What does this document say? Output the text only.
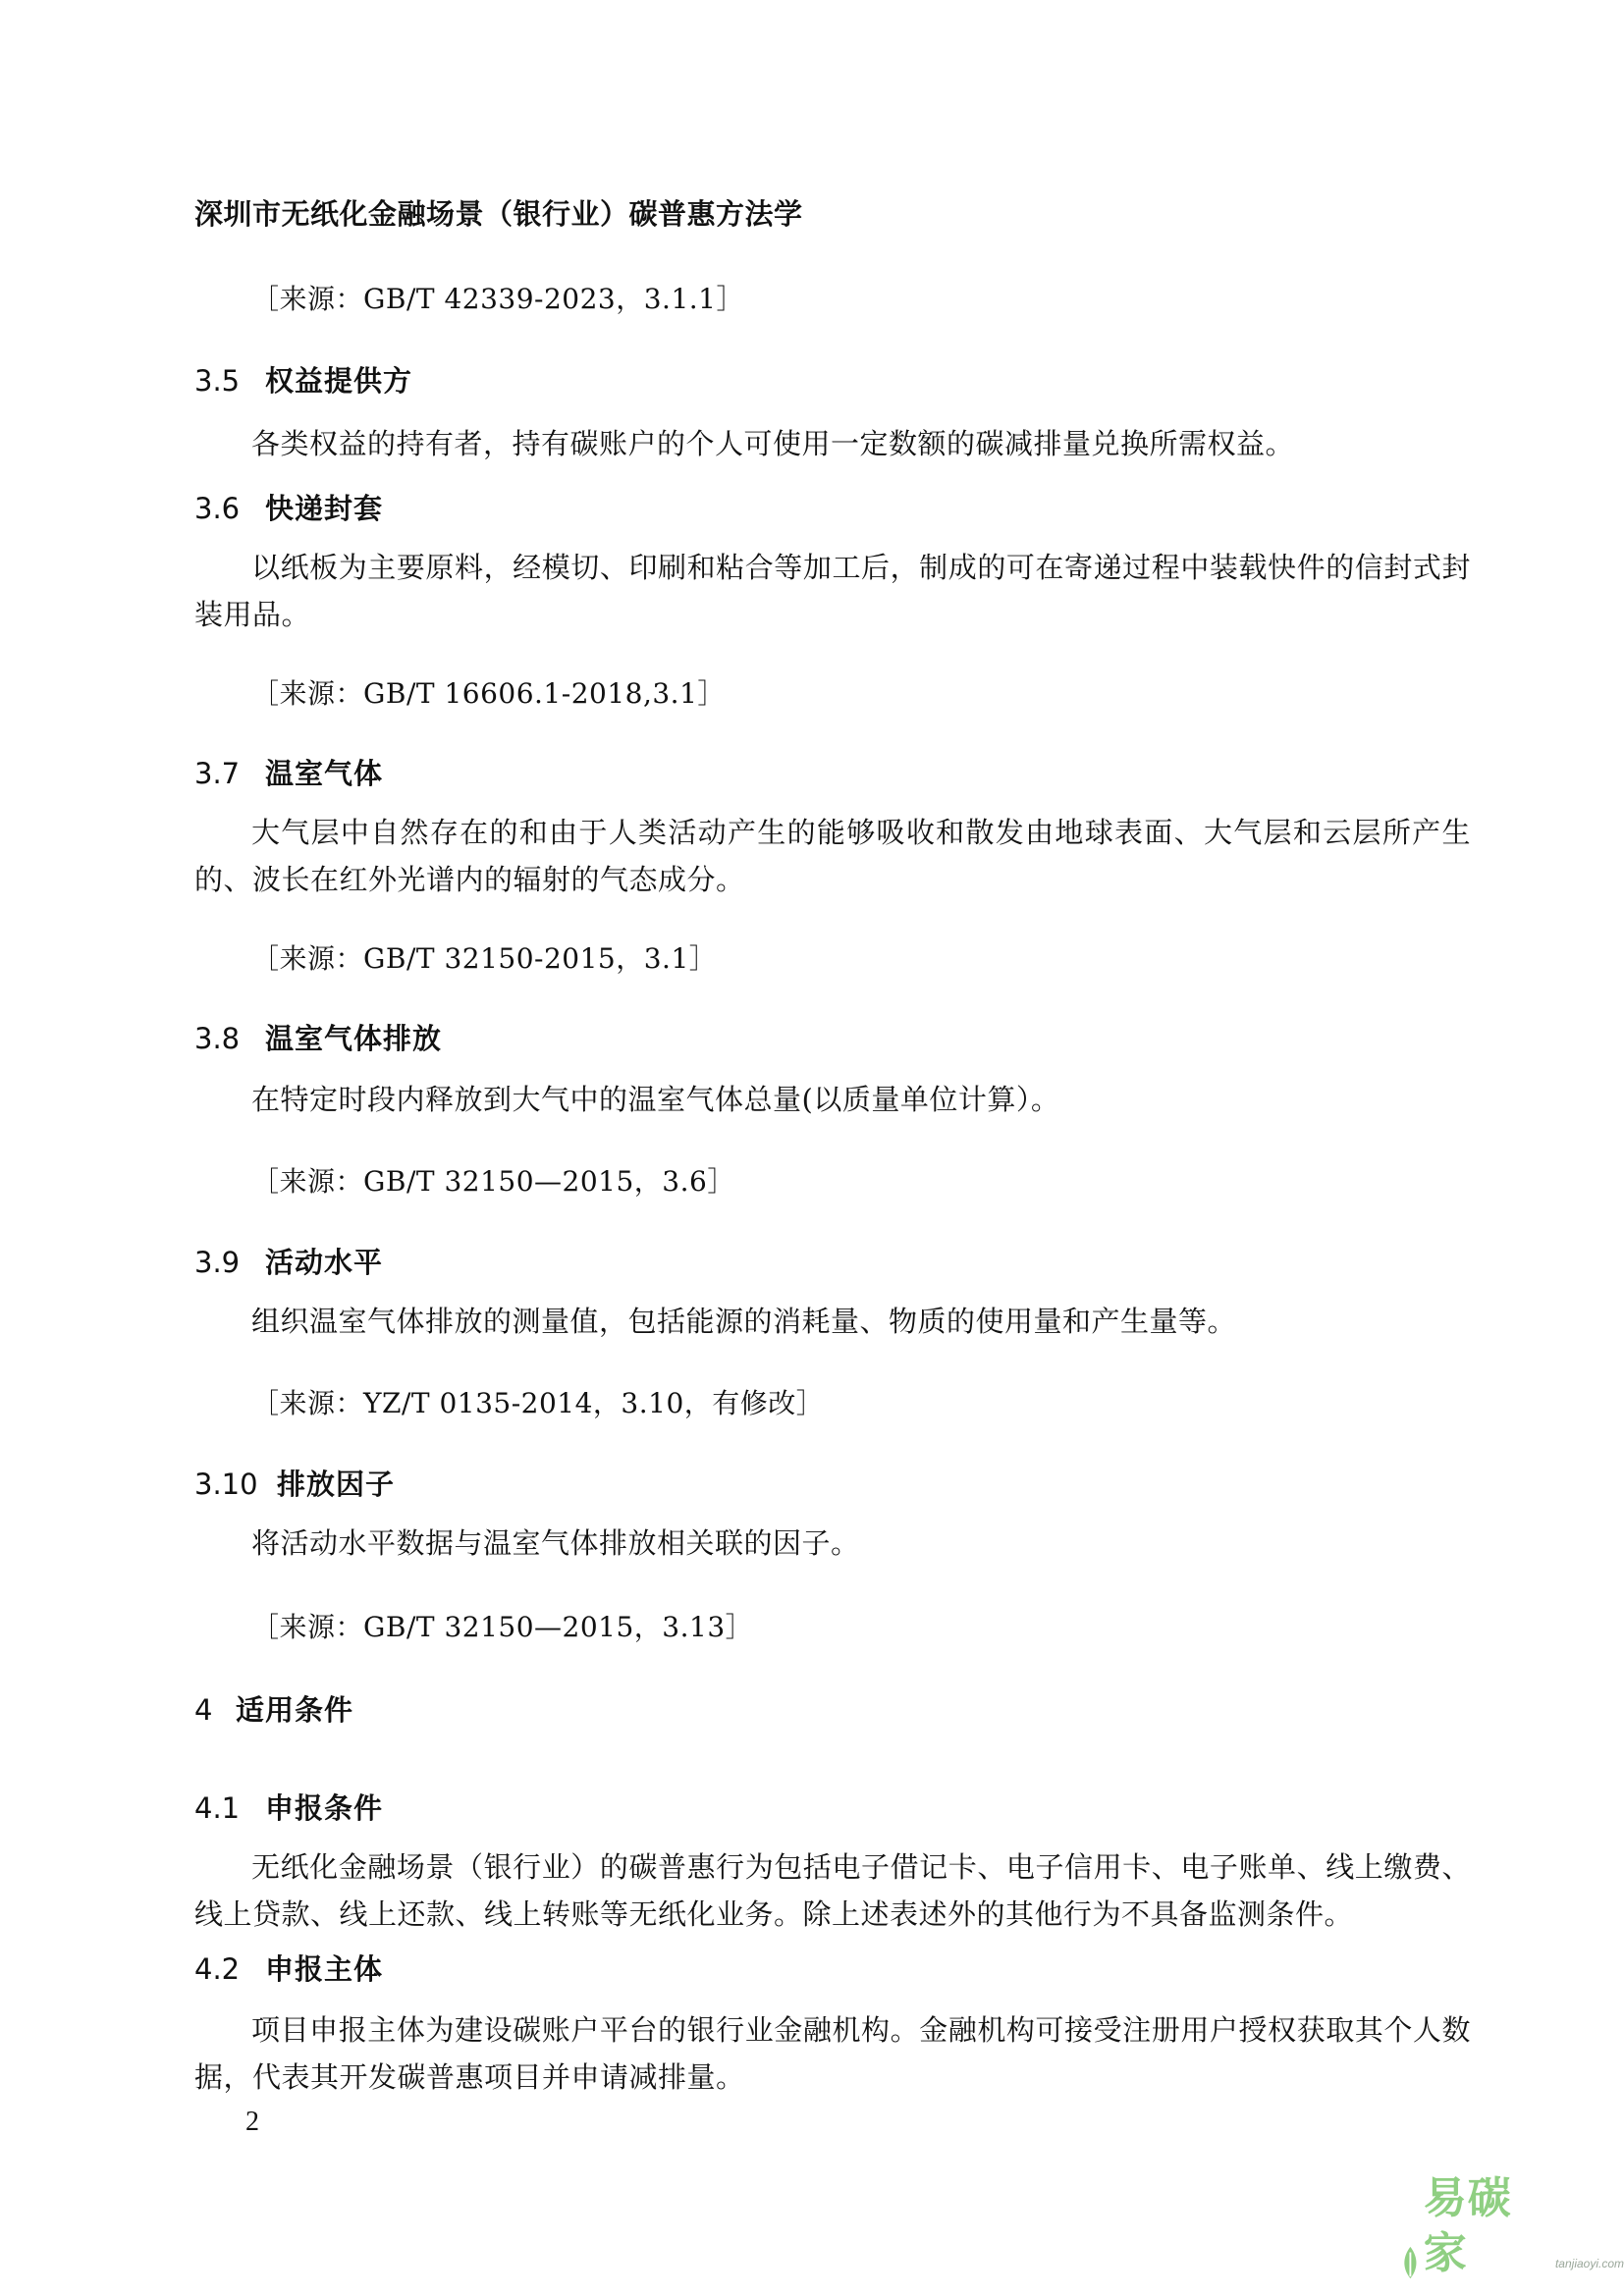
深圳市无纸化金融场景（银行业）碳普惠方法学
［来源：GB/T 42339-2023，3.1.1］
3.5 权益提供方
各类权益的持有者，持有碳账户的个人可使用一定数额的碳减排量兑换所需权益。
3.6 快递封套
以纸板为主要原料，经模切、印刷和粘合等加工后，制成的可在寄递过程中装载快件的信封式封装用品。
［来源：GB/T 16606.1-2018,3.1］
3.7 温室气体
大气层中自然存在的和由于人类活动产生的能够吸收和散发由地球表面、大气层和云层所产生的、波长在红外光谱内的辐射的气态成分。
［来源：GB/T 32150-2015，3.1］
3.8 温室气体排放
在特定时段内释放到大气中的温室气体总量(以质量单位计算）。
［来源：GB/T 32150—2015，3.6］
3.9 活动水平
组织温室气体排放的测量值，包括能源的消耗量、物质的使用量和产生量等。
［来源：YZ/T 0135-2014，3.10，有修改］
3.10 排放因子
将活动水平数据与温室气体排放相关联的因子。
［来源：GB/T 32150—2015，3.13］
4 适用条件
4.1 申报条件
无纸化金融场景（银行业）的碳普惠行为包括电子借记卡、电子信用卡、电子账单、线上缴费、线上贷款、线上还款、线上转账等无纸化业务。除上述表述外的其他行为不具备监测条件。
4.2 申报主体
项目申报主体为建设碳账户平台的银行业金融机构。金融机构可接受注册用户授权获取其个人数据，代表其开发碳普惠项目并申请减排量。
2
易碳家	tanjiaoyi.com
